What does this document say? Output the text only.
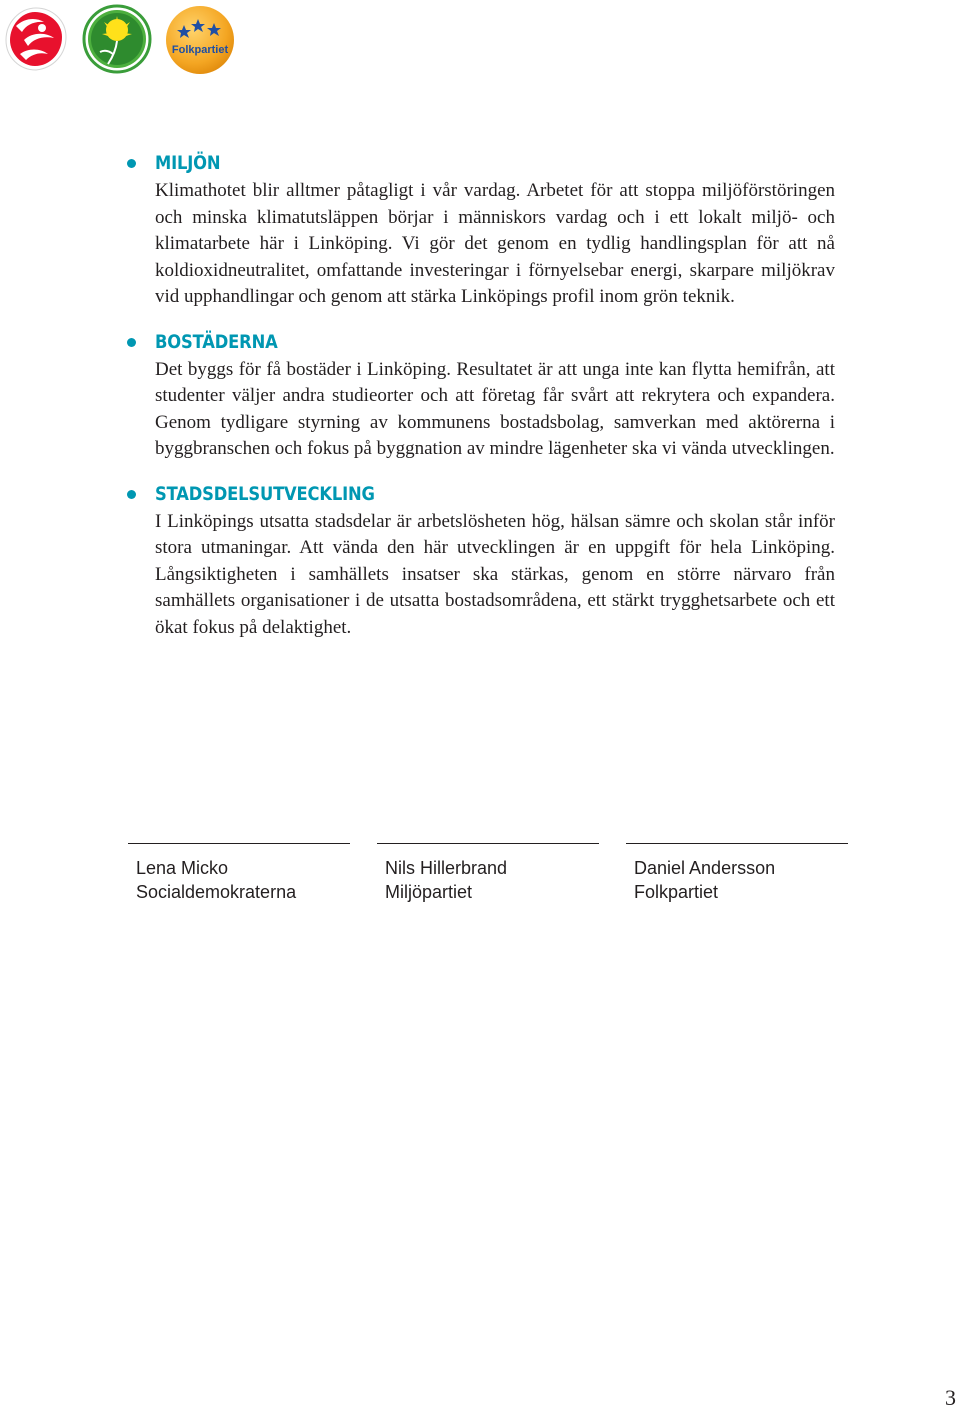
Folkpartiet
MILJÖN

Klimathotet blir alltmer påtagligt i vår vardag. Arbetet för att stoppa miljöförstöringen och minska klimatutsläppen börjar i människors vardag och i ett lokalt miljö- och klimatarbete här i Linköping. Vi gör det genom en tydlig handlingsplan för att nå koldioxidneutralitet, omfattande investeringar i förnyelsebar energi, skarpare miljökrav vid upphandlingar och genom att stärka Linköpings profil inom grön teknik.

BOSTÄDERNA

Det byggs för få bostäder i Linköping. Resultatet är att unga inte kan flytta hemifrån, att studenter väljer andra studieorter och att företag får svårt att rekrytera och expandera. Genom tydligare styrning av kommunens bostadsbolag, samverkan med aktörerna i byggbranschen och fokus på byggnation av mindre lägenheter ska vi vända utvecklingen.

STADSDELSUTVECKLING

I Linköpings utsatta stadsdelar är arbetslösheten hög, hälsan sämre och skolan står inför stora utmaningar. Att vända den här utvecklingen är en uppgift för hela Linköping. Långsiktigheten i samhällets insatser ska stärkas, genom en större närvaro från samhällets organisationer i de utsatta bostadsområdena, ett stärkt trygghetsarbete och ett ökat fokus på delaktighet.

Lena Micko
Socialdemokraterna
Nils Hillerbrand
Miljöpartiet
Daniel Andersson
Folkpartiet
3
